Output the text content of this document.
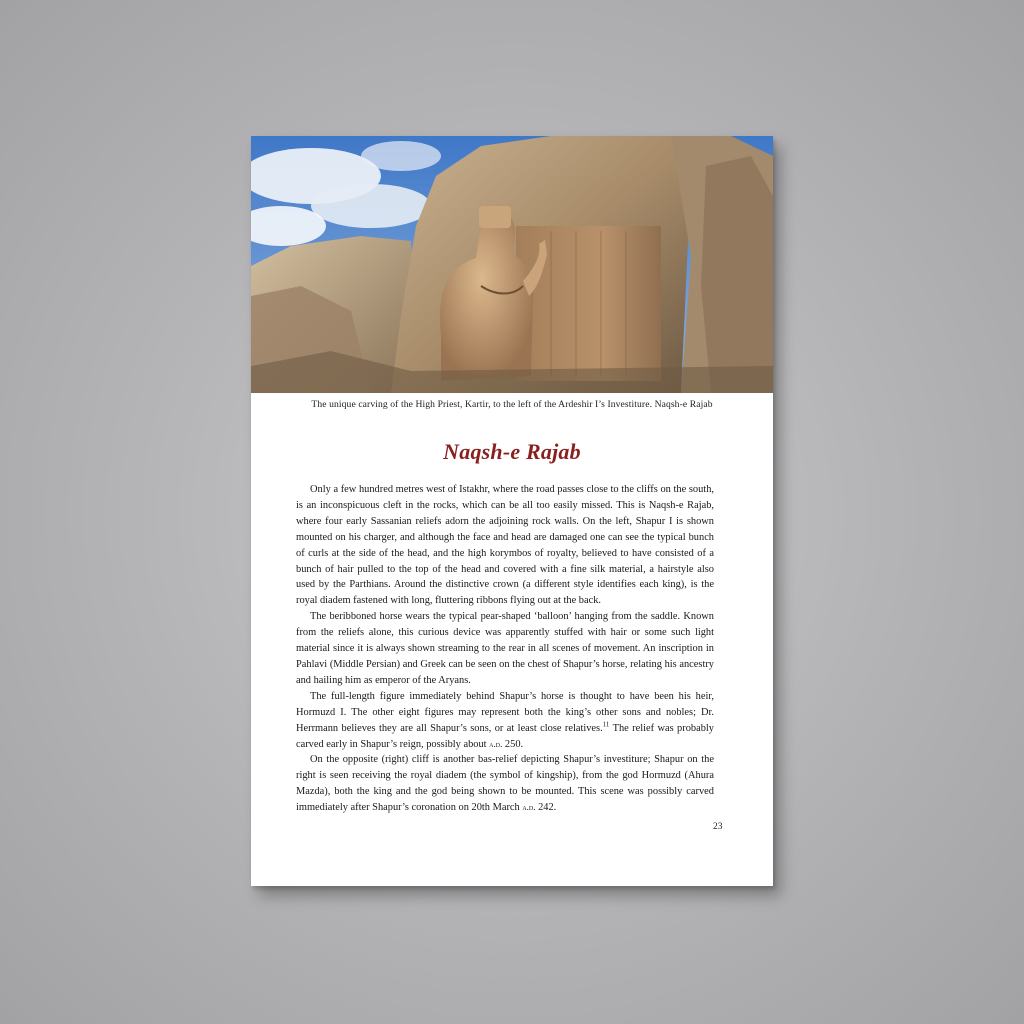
The unique carving of the High Priest, Kartir, to the left of the Ardeshir I’s Investiture. Naqsh-e Rajab
Naqsh-e Rajab

Only a few hundred metres west of Istakhr, where the road passes close to the cliffs on the south, is an inconspicuous cleft in the rocks, which can be all too easily missed. This is Naqsh-e Rajab, where four early Sassanian reliefs adorn the adjoining rock walls. On the left, Shapur I is shown mounted on his charger, and although the face and head are damaged one can see the typical bunch of curls at the side of the head, and the high korymbos of royalty, believed to have consisted of a bunch of hair pulled to the top of the head and covered with a fine silk material, a hairstyle also used by the Parthians. Around the distinctive crown (a different style identifies each king), is the royal diadem fastened with long, fluttering ribbons flying out at the back.

The beribboned horse wears the typical pear-shaped ‘balloon’ hanging from the saddle. Known from the reliefs alone, this curious device was apparently stuffed with hair or some such light material since it is always shown streaming to the rear in all scenes of movement. An inscription in Pahlavi (Middle Persian) and Greek can be seen on the chest of Shapur’s horse, relating his ancestry and hailing him as emperor of the Aryans.

The full-length figure immediately behind Shapur’s horse is thought to have been his heir, Hormuzd I. The other eight figures may represent both the king’s other sons and nobles; Dr. Herrmann believes they are all Shapur’s sons, or at least close relatives.$^{11}$ The relief was probably carved early in Shapur’s reign, possibly about a.d. 250.

On the opposite (right) cliff is another bas-relief depicting Shapur’s investiture; Shapur on the right is seen receiving the royal diadem (the symbol of kingship), from the god Hormuzd (Ahura Mazda), both the king and the god being shown to be mounted. This scene was possibly carved immediately after Shapur’s coronation on 20th March a.d. 242.

23
